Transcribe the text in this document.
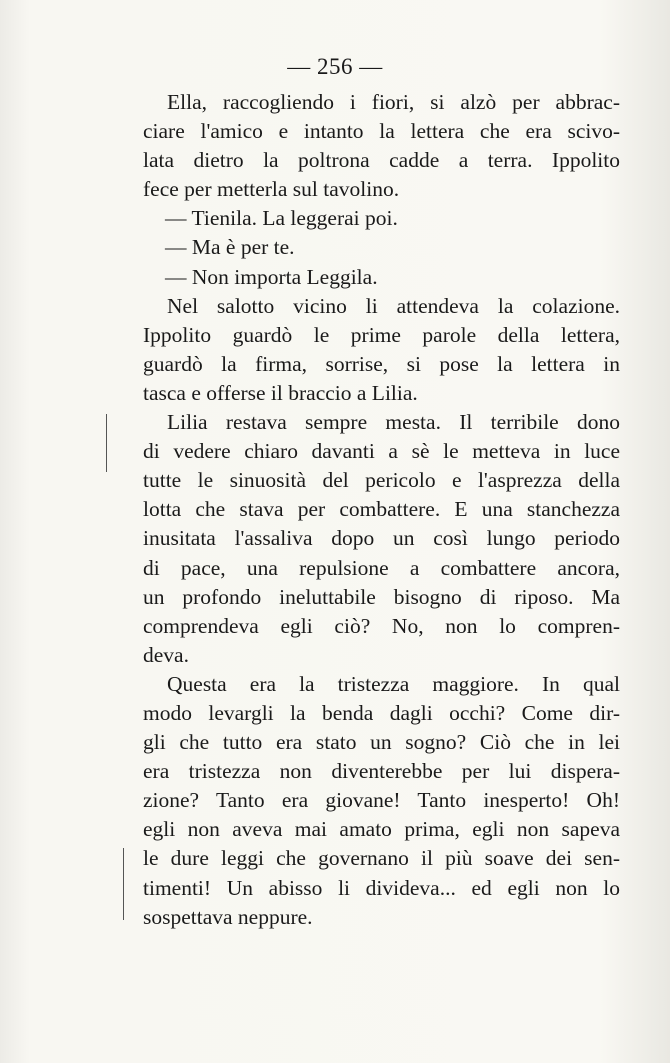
— 256 —
Ella, raccogliendo i fiori, si alzò per abbrac-
ciare l'amico e intanto la lettera che era scivo-
lata dietro la poltrona cadde a terra. Ippolito
fece per metterla sul tavolino.
— Tienila. La leggerai poi.
— Ma è per te.
— Non importa Leggila.
Nel salotto vicino li attendeva la colazione.
Ippolito guardò le prime parole della lettera,
guardò la firma, sorrise, si pose la lettera in
tasca e offerse il braccio a Lilia.
Lilia restava sempre mesta. Il terribile dono
di vedere chiaro davanti a sè le metteva in luce
tutte le sinuosità del pericolo e l'asprezza della
lotta che stava per combattere. E una stanchezza
inusitata l'assaliva dopo un così lungo periodo
di pace, una repulsione a combattere ancora,
un profondo ineluttabile bisogno di riposo. Ma
comprendeva egli ciò? No, non lo compren-
deva.
Questa era la tristezza maggiore. In qual
modo levargli la benda dagli occhi? Come dir-
gli che tutto era stato un sogno? Ciò che in lei
era tristezza non diventerebbe per lui dispera-
zione? Tanto era giovane! Tanto inesperto! Oh!
egli non aveva mai amato prima, egli non sapeva
le dure leggi che governano il più soave dei sen-
timenti! Un abisso li divideva... ed egli non lo
sospettava neppure.
